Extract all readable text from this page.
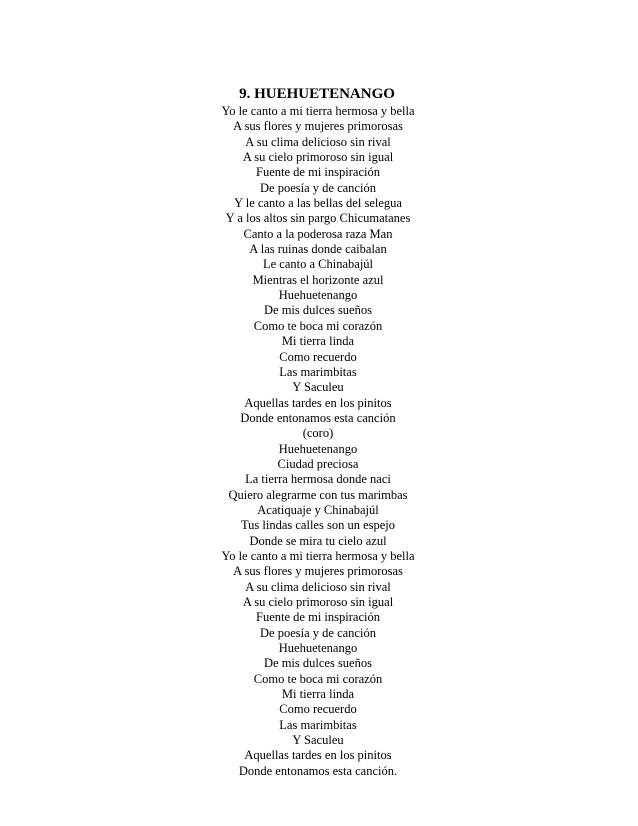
9. HUEHUETENANGO
Yo le canto a mi tierra hermosa y bella
A sus flores y mujeres primorosas
A su clima delicioso sin rival
A su cielo primoroso sin igual
Fuente de mi inspiración
De poesía y de canción
Y le canto a las bellas del selegua
Y a los altos sin pargo Chicumatanes
Canto a la poderosa raza Man
A las ruinas donde caibalan
Le canto a Chinabajúl
Mientras el horizonte azul
Huehuetenango
De mis dulces sueños
Como te boca mi corazón
Mi tierra linda
Como recuerdo
Las marimbitas
Y Saculeu
Aquellas tardes en los pinitos
Donde entonamos esta canción
(coro)
Huehuetenango
Ciudad preciosa
La tierra hermosa donde naci
Quiero alegrarme con tus marimbas
Acatiquaje y Chinabajúl
Tus lindas calles son un espejo
Donde se mira tu cielo azul
Yo le canto a mi tierra hermosa y bella
A sus flores y mujeres primorosas
A su clima delicioso sin rival
A su cielo primoroso sin igual
Fuente de mi inspiración
De poesía y de canción
Huehuetenango
De mis dulces sueños
Como te boca mi corazón
Mi tierra linda
Como recuerdo
Las marimbitas
Y Saculeu
Aquellas tardes en los pinitos
Donde entonamos esta canción.
